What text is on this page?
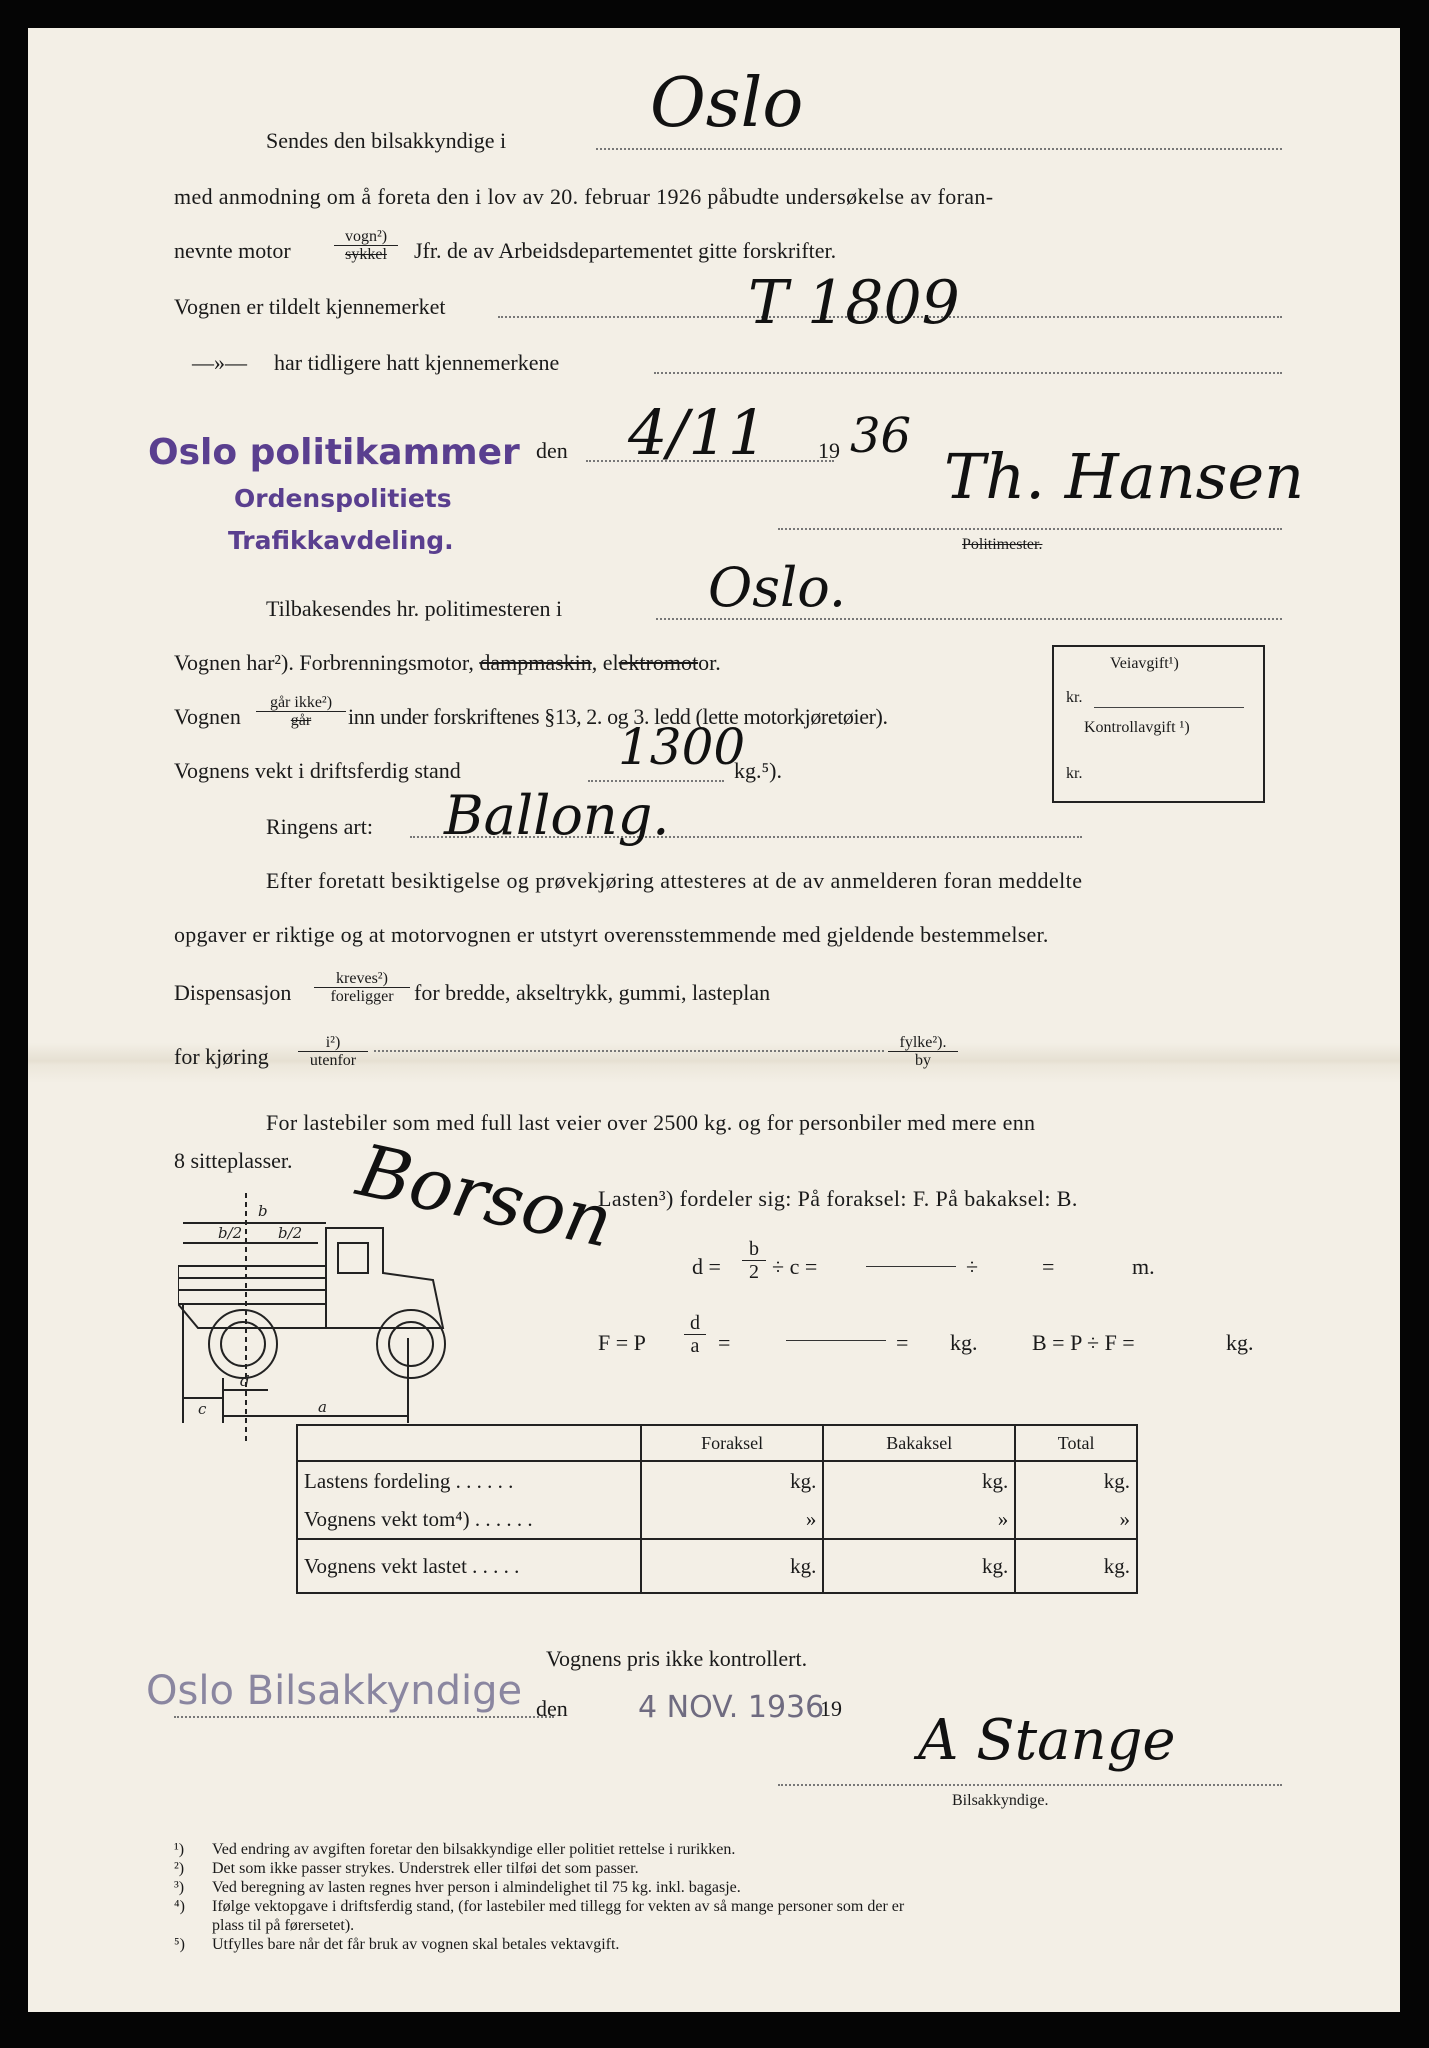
Sendes den bilsakkyndige i Oslo
med anmodning om å foreta den i lov av 20. februar 1926 påbudte undersøkelse av foran-
nevnte motor
vogn²)
sykkel	Jfr. de av Arbeidsdepartementet gitte forskrifter.
Vognen er tildelt kjennemerket	T 1809
—»— har tidligere hatt kjennemerkene
Oslo politikammer
Ordenspolitiets
Trafikkavdeling.
den 4/11 19 36
Th. Hansen
Politimester.
Tilbakesendes hr. politimesteren i	Oslo.
Vognen har²). Forbrenningsmotor, dampmaskin, elektromotor.
Vognen
går ikke²)
går	inn under forskriftenes §13, 2. og 3. ledd (lette motorkjøretøier).
Veiavgift¹)
kr.
Kontrollavgift ¹)
kr.
Vognens vekt i driftsferdig stand	1300
kg.⁵).
Ringens art: Ballong.
Efter foretatt besiktigelse og prøvekjøring attesteres at de av anmelderen foran meddelte
opgaver er riktige og at motorvognen er utstyrt overensstemmende med gjeldende bestemmelser.
Dispensasjon
kreves²)
foreligger for bredde, akseltrykk, gummi, lasteplan
for kjøring
i²)
utenfor
fylke²).
by
For lastebiler som med full last veier over 2500 kg. og for personbiler med mere enn
8 sitteplasser. Borson
b
b/2 b/2
c
d
a
Lasten³) fordeler sig: På foraksel: F. På bakaksel: B.
$d = \frac{b}{2} \div c$ =	÷	=	m.
F = P $\frac{d}{a}$ =	= kg. B = P ÷ F =	kg.
	Foraksel	Bakaksel	Total
Lastens fordeling . . . . . .	kg.	kg.	kg.
Vognens vekt tom⁴) . . . . . .	»	»	»
Vognens vekt lastet . . . . .	kg.	kg.	kg.
Vognens pris ikke kontrollert.
Oslo Bilsakkyndige den 4 NOV. 1936
19 A Stange
Bilsakkyndige.
¹) Ved endring av avgiften foretar den bilsakkyndige eller politiet rettelse i rurikken.
²) Det som ikke passer strykes. Understrek eller tilføi det som passer.
³) Ved beregning av lasten regnes hver person i almindelighet til 75 kg. inkl. bagasje.
⁴) Ifølge vektopgave i driftsferdig stand, (for lastebiler med tillegg for vekten av så mange personer som der er
plass til på førersetet).
⁵) Utfylles bare når det får bruk av vognen skal betales vektavgift.
